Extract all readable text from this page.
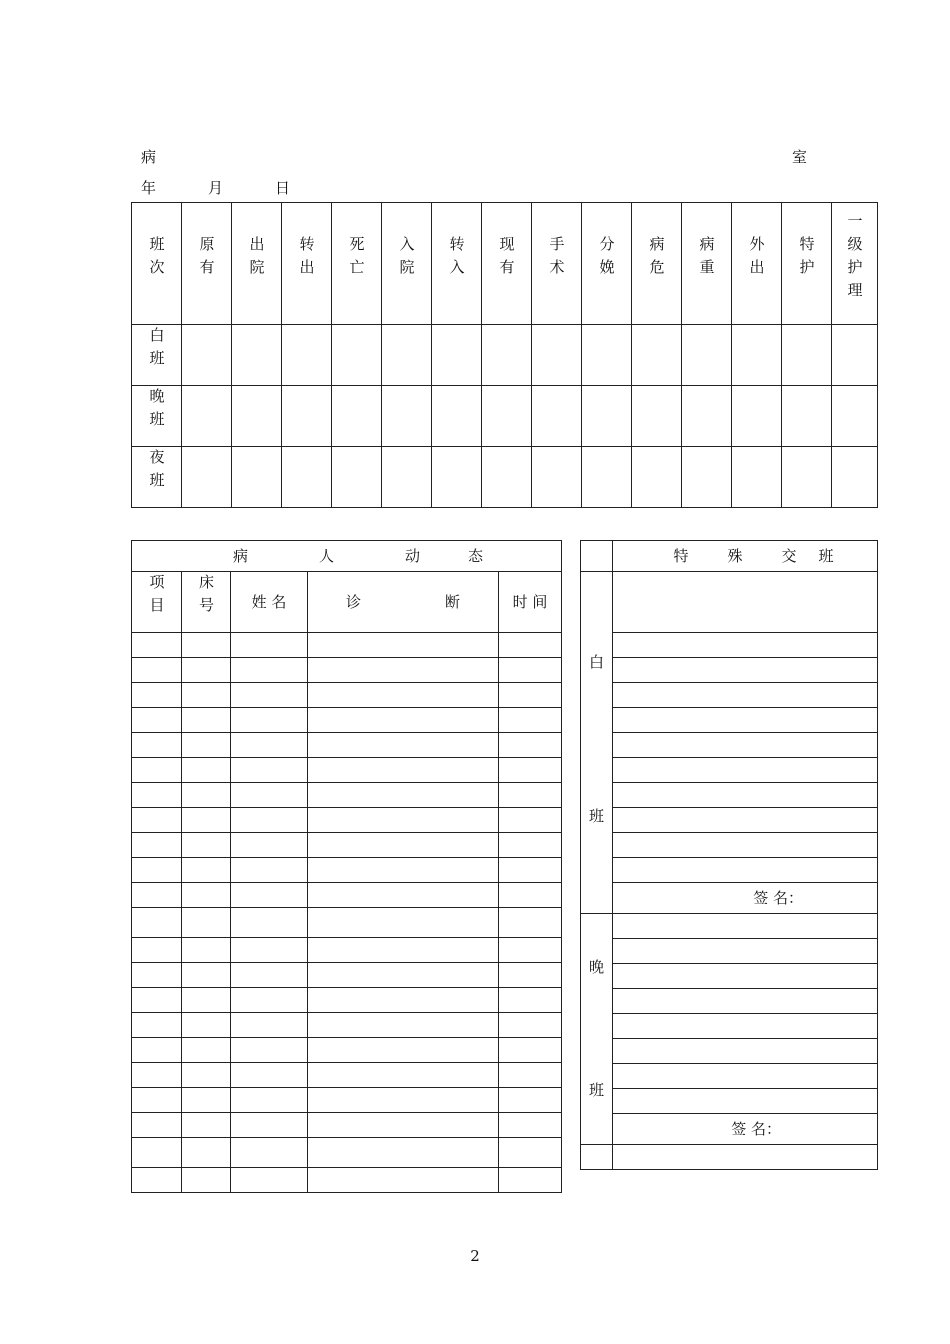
病	室
年	月	日
班次	原有	出院	转出	死亡	入院	转入	现有	手术	分娩	病危	病重	外出	特护	一级护理
白班														
晚班														
夜班														
病 人 动 态				
项目	床号	姓 名	诊 断	时 间

	特 殊 交 班

白
班	

	签 名：

晚
班	

	签 名：

2
